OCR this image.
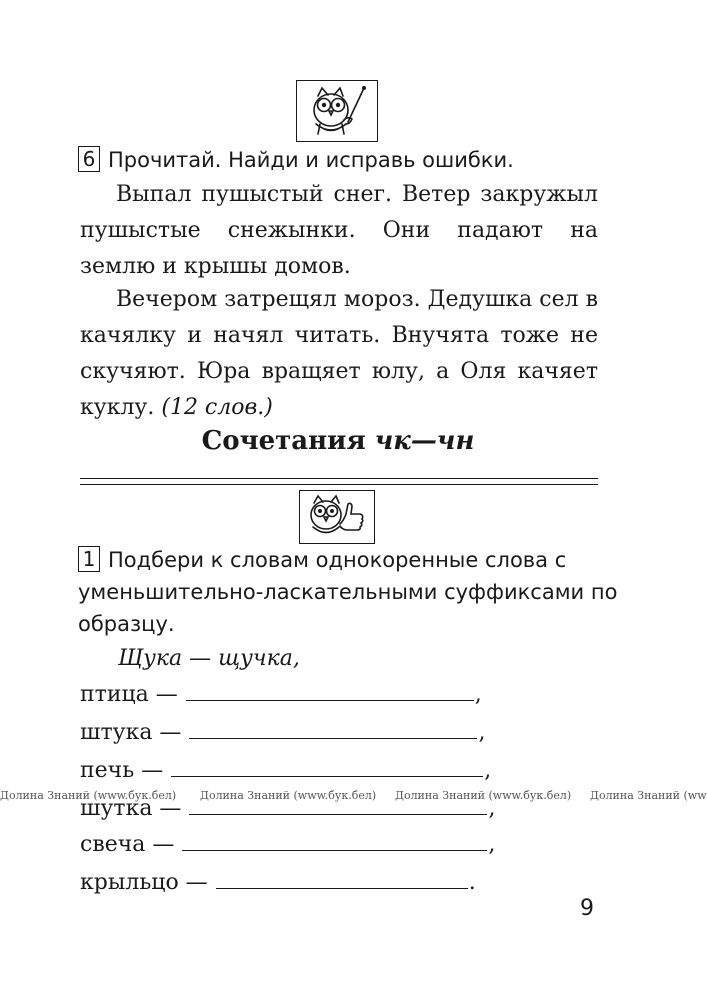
6 Прочитай. Найди и исправь ошибки.

Выпал пушыстый снег. Ветер закружыл пушыстые снежынки. Они падают на землю и крышы домов.

Вечером затрещял мороз. Дедушка сел в качялку и начял читать. Внучята тоже не скучяют. Юра вращяет юлу, а Оля качяет куклу. (12 слов.)

Сочетания чк—чн
1 Подбери к словам однокоренные слова с уменьшительно-ласкательными суффиксами по образцу.
Щука — щучка,
птица —	,
штука —	,
печь —	,
шутка —	,
свеча —	,
крыльцо —	.
Долина Знаний (www.бук.бел) Долина Знаний (www.бук.бел) Долина Знаний (www.бук.бел) Долина Знаний (ww
9
